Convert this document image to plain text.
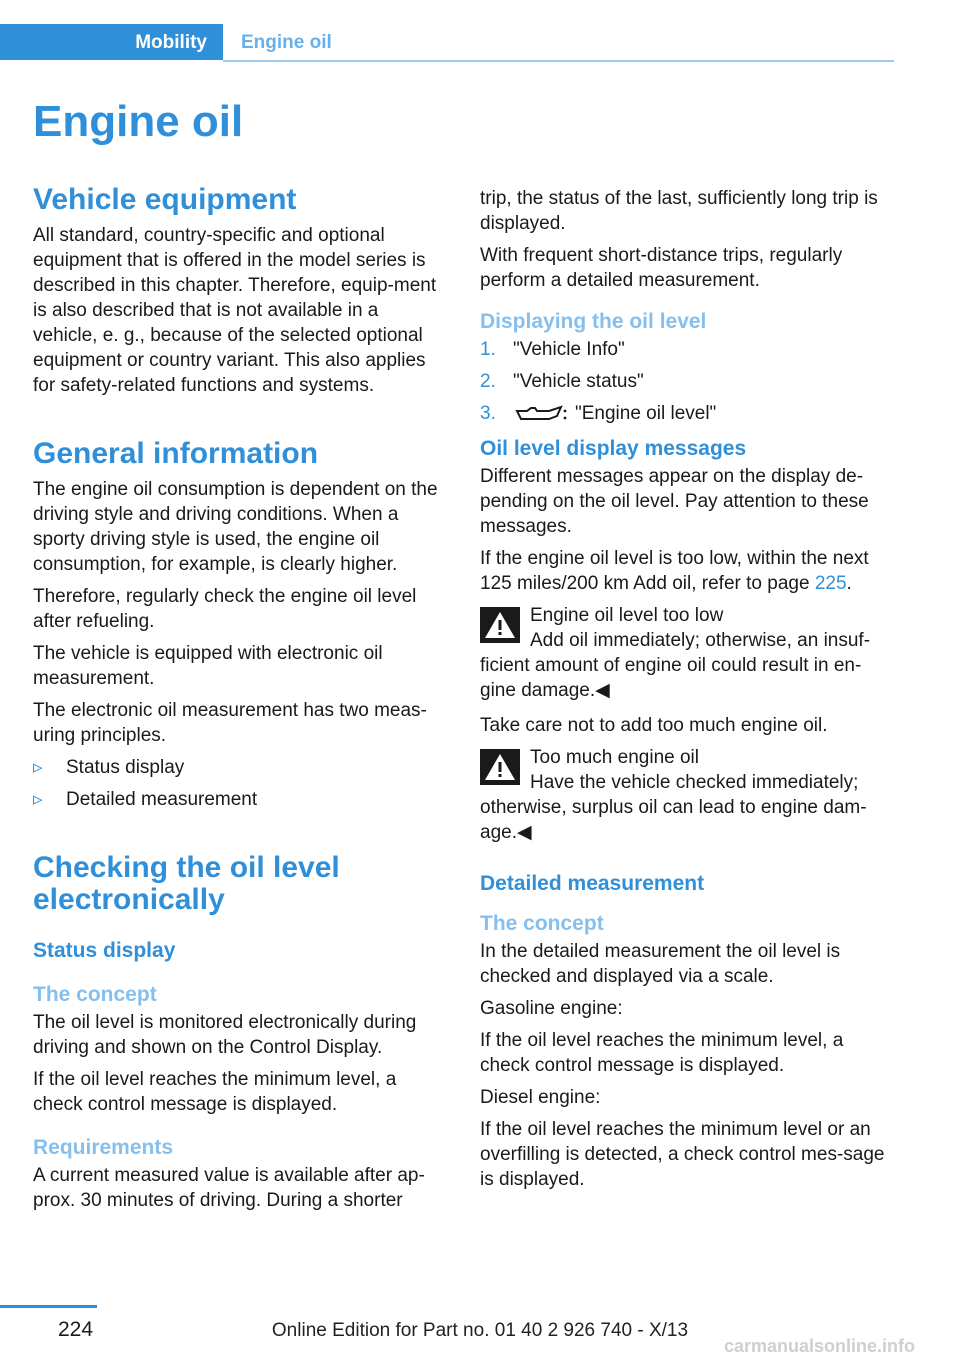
Mobility	Engine oil
Engine oil
Vehicle equipment

All standard, country-specific and optional equipment that is offered in the model series is described in this chapter. Therefore, equip-ment is also described that is not available in a vehicle, e. g., because of the selected optional equipment or country variant. This also applies for safety-related functions and systems.

General information

The engine oil consumption is dependent on the driving style and driving conditions. When a sporty driving style is used, the engine oil consumption, for example, is clearly higher.

Therefore, regularly check the engine oil level after refueling.

The vehicle is equipped with electronic oil measurement.

The electronic oil measurement has two meas-uring principles.

▹ Status display
▹ Detailed measurement
Checking the oil level electronically
Status display
The concept

The oil level is monitored electronically during driving and shown on the Control Display.

If the oil level reaches the minimum level, a check control message is displayed.

Requirements

A current measured value is available after ap-prox. 30 minutes of driving. During a shorter

trip, the status of the last, sufficiently long trip is displayed.

With frequent short-distance trips, regularly perform a detailed measurement.

Displaying the oil level
1. "Vehicle Info"
2. "Vehicle status"
3.	"Engine oil level"
Oil level display messages

Different messages appear on the display de-pending on the oil level. Pay attention to these messages.

If the engine oil level is too low, within the next 125 miles/200 km Add oil, refer to page 225.

Engine oil level too low

Add oil immediately; otherwise, an insuf-ficient amount of engine oil could result in en-gine damage.◀

Take care not to add too much engine oil.

Too much engine oil

Have the vehicle checked immediately; otherwise, surplus oil can lead to engine dam-age.◀

Detailed measurement
The concept

In the detailed measurement the oil level is checked and displayed via a scale.

Gasoline engine:

If the oil level reaches the minimum level, a check control message is displayed.

Diesel engine:

If the oil level reaches the minimum level or an overfilling is detected, a check control mes-sage is displayed.

224	Online Edition for Part no. 01 40 2 926 740 - X/13
carmanualsonline.info
